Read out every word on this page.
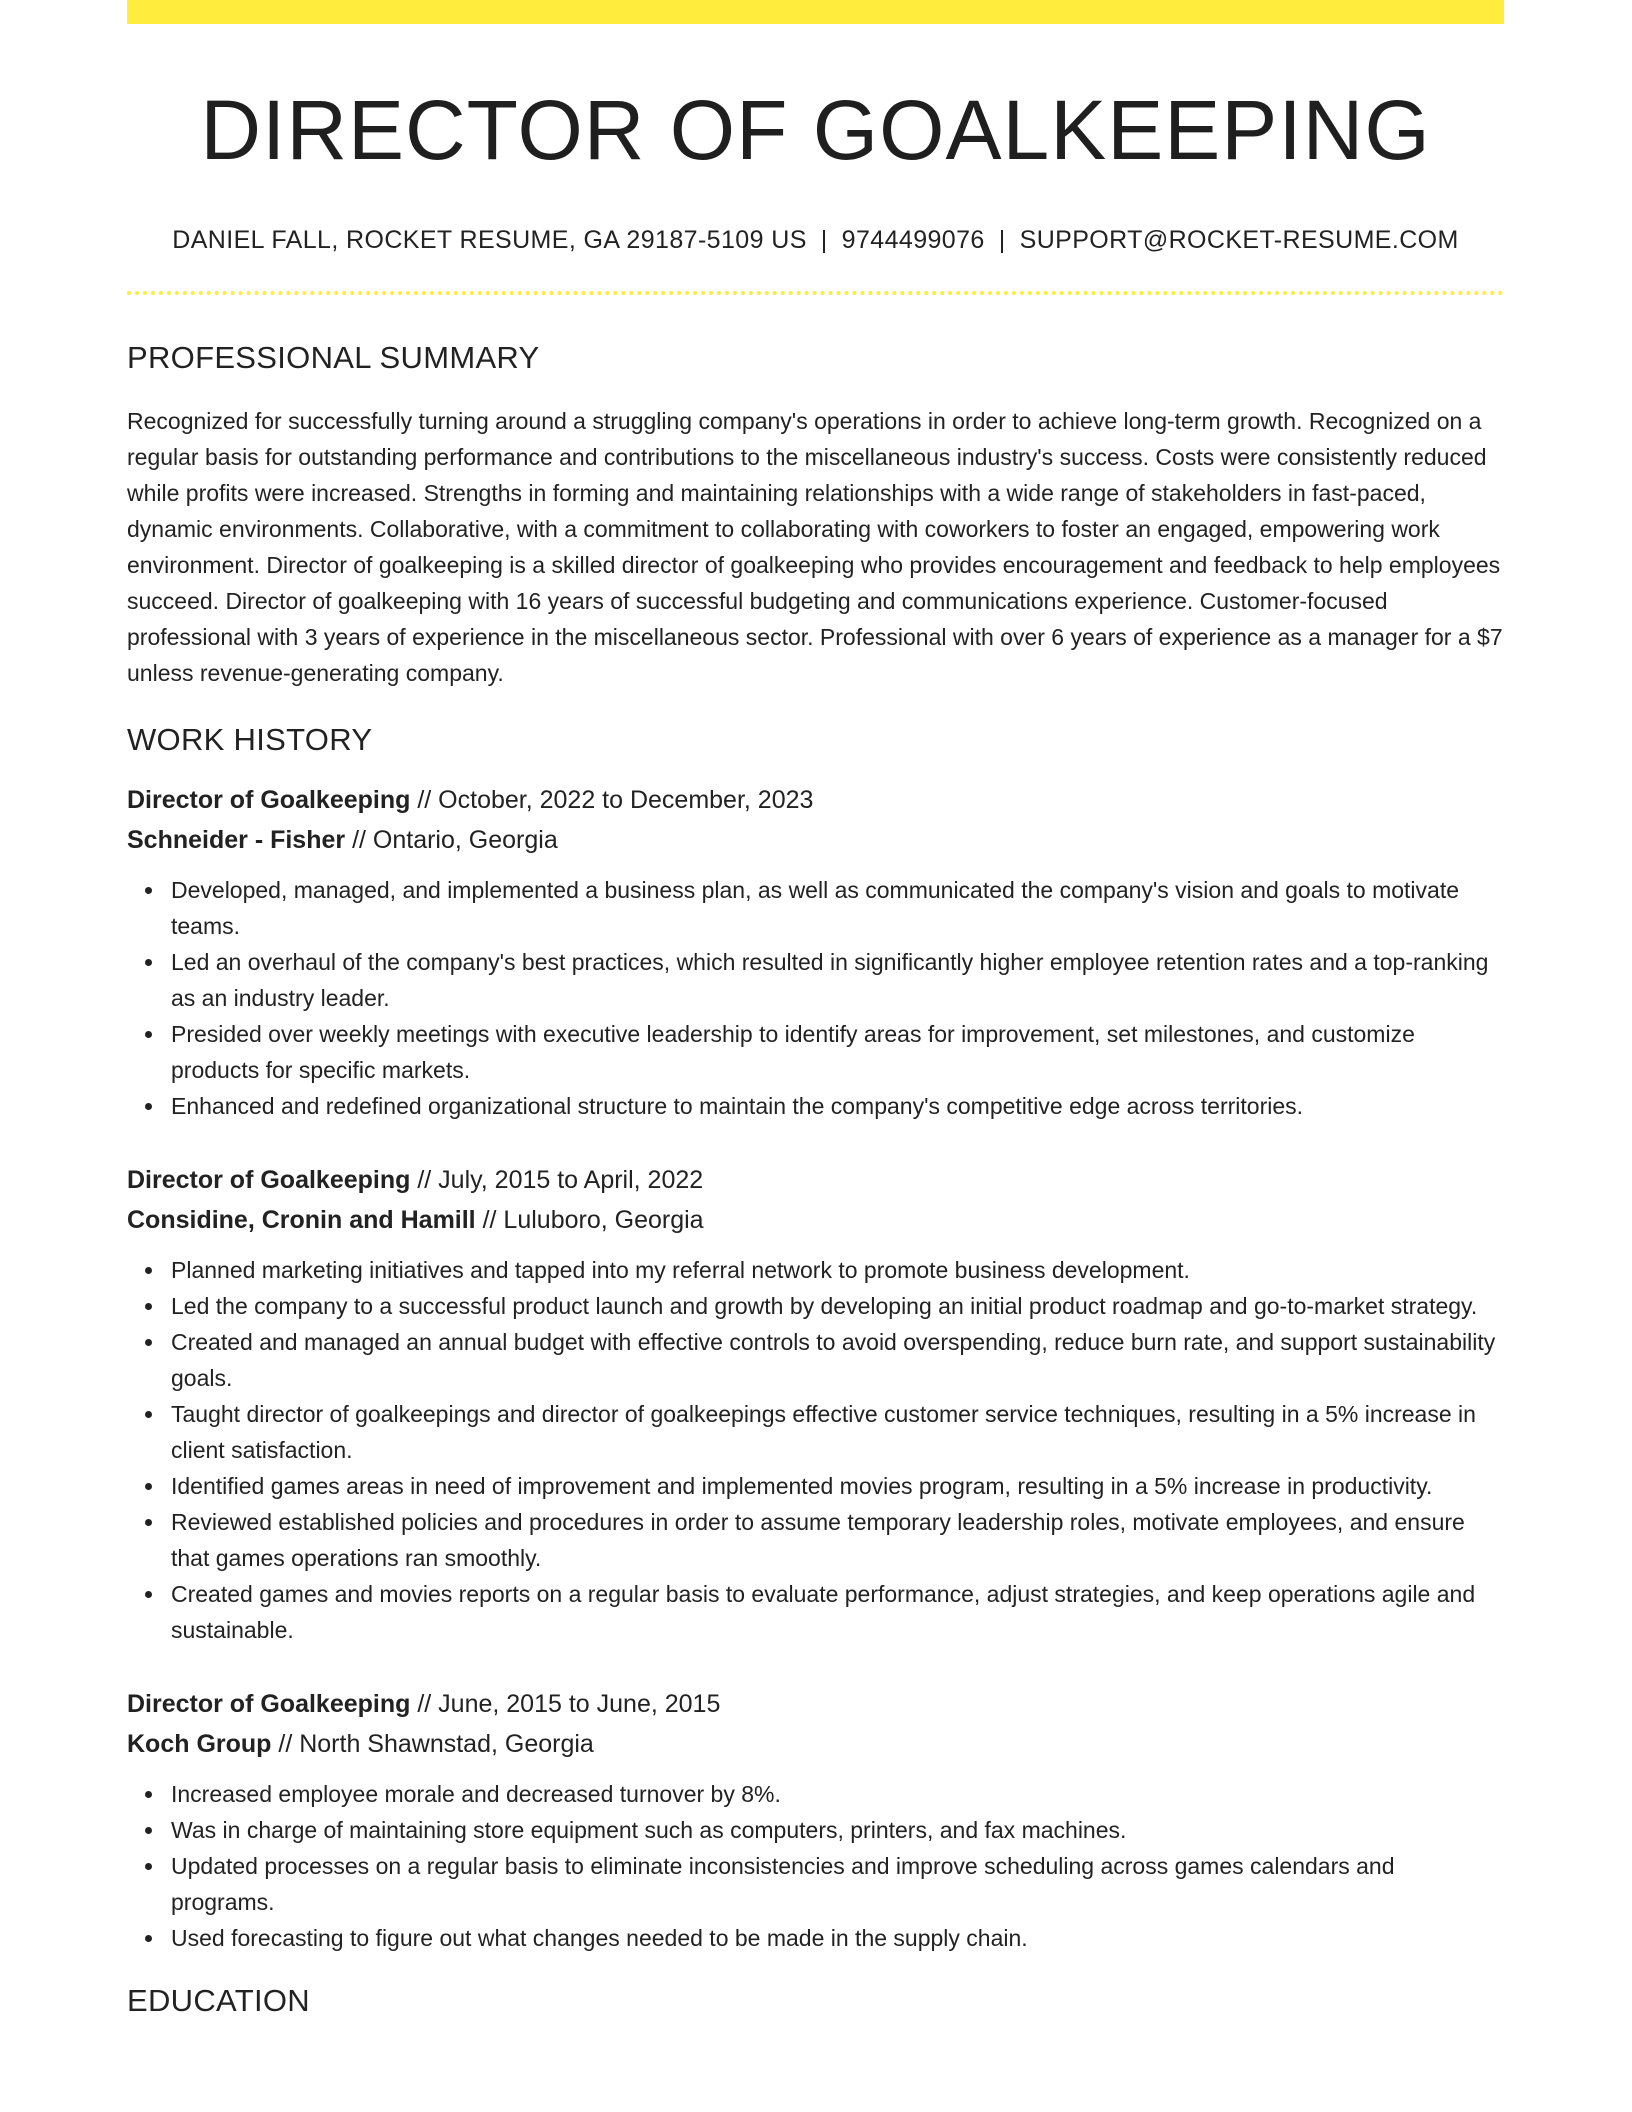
DIRECTOR OF GOALKEEPING
DANIEL FALL, ROCKET RESUME, GA 29187-5109 US | 9744499076 | SUPPORT@ROCKET-RESUME.COM
PROFESSIONAL SUMMARY

Recognized for successfully turning around a struggling company's operations in order to achieve long-term growth. Recognized on a regular basis for outstanding performance and contributions to the miscellaneous industry's success. Costs were consistently reduced while profits were increased. Strengths in forming and maintaining relationships with a wide range of stakeholders in fast-paced, dynamic environments. Collaborative, with a commitment to collaborating with coworkers to foster an engaged, empowering work environment. Director of goalkeeping is a skilled director of goalkeeping who provides encouragement and feedback to help employees succeed. Director of goalkeeping with 16 years of successful budgeting and communications experience. Customer-focused professional with 3 years of experience in the miscellaneous sector. Professional with over 6 years of experience as a manager for a $7 unless revenue-generating company.

WORK HISTORY
Director of Goalkeeping // October, 2022 to December, 2023
Schneider - Fisher // Ontario, Georgia
Developed, managed, and implemented a business plan, as well as communicated the company's vision and goals to motivate teams.
Led an overhaul of the company's best practices, which resulted in significantly higher employee retention rates and a top-ranking as an industry leader.
Presided over weekly meetings with executive leadership to identify areas for improvement, set milestones, and customize products for specific markets.
Enhanced and redefined organizational structure to maintain the company's competitive edge across territories.
Director of Goalkeeping // July, 2015 to April, 2022
Considine, Cronin and Hamill // Luluboro, Georgia
Planned marketing initiatives and tapped into my referral network to promote business development.
Led the company to a successful product launch and growth by developing an initial product roadmap and go-to-market strategy.
Created and managed an annual budget with effective controls to avoid overspending, reduce burn rate, and support sustainability goals.
Taught director of goalkeepings and director of goalkeepings effective customer service techniques, resulting in a 5% increase in client satisfaction.
Identified games areas in need of improvement and implemented movies program, resulting in a 5% increase in productivity.
Reviewed established policies and procedures in order to assume temporary leadership roles, motivate employees, and ensure that games operations ran smoothly.
Created games and movies reports on a regular basis to evaluate performance, adjust strategies, and keep operations agile and sustainable.
Director of Goalkeeping // June, 2015 to June, 2015
Koch Group // North Shawnstad, Georgia
Increased employee morale and decreased turnover by 8%.
Was in charge of maintaining store equipment such as computers, printers, and fax machines.
Updated processes on a regular basis to eliminate inconsistencies and improve scheduling across games calendars and programs.
Used forecasting to figure out what changes needed to be made in the supply chain.
EDUCATION
